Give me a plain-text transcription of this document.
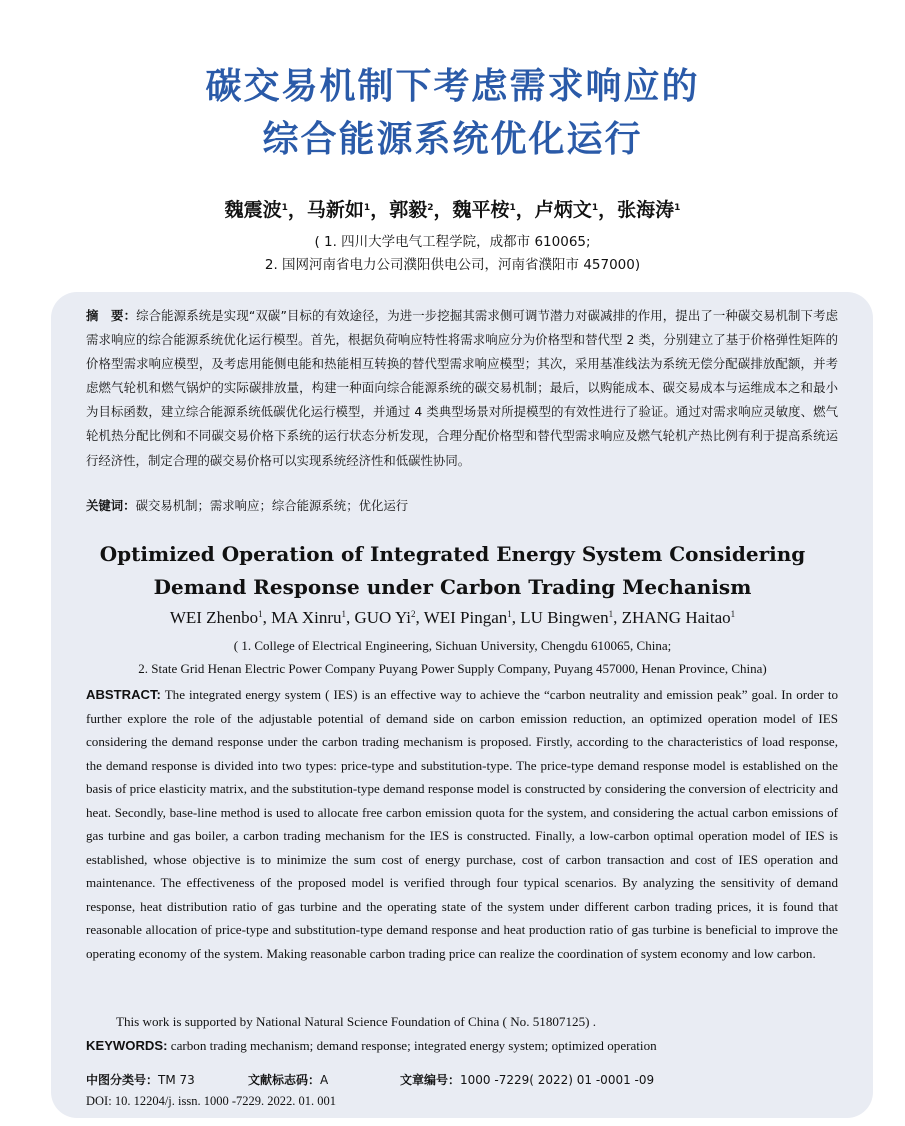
碳交易机制下考虑需求响应的
综合能源系统优化运行
魏震波$^1$，马新如$^1$，郭毅$^2$，魏平桉$^1$，卢炳文$^1$，张海涛$^1$
( 1. 四川大学电气工程学院，成都市 610065;
2. 国网河南省电力公司濮阳供电公司，河南省濮阳市 457000)
摘　要：综合能源系统是实现“双碳”目标的有效途径，为进一步挖掘其需求侧可调节潜力对碳减排的作用，提出了一种碳交易机制下考虑需求响应的综合能源系统优化运行模型。首先，根据负荷响应特性将需求响应分为价格型和替代型 2 类，分别建立了基于价格弹性矩阵的价格型需求响应模型，及考虑用能侧电能和热能相互转换的替代型需求响应模型；其次，采用基准线法为系统无偿分配碳排放配额，并考虑燃气轮机和燃气锅炉的实际碳排放量，构建一种面向综合能源系统的碳交易机制；最后，以购能成本、碳交易成本与运维成本之和最小为目标函数，建立综合能源系统低碳优化运行模型，并通过 4 类典型场景对所提模型的有效性进行了验证。通过对需求响应灵敏度、燃气轮机热分配比例和不同碳交易价格下系统的运行状态分析发现，合理分配价格型和替代型需求响应及燃气轮机产热比例有利于提高系统运行经济性，制定合理的碳交易价格可以实现系统经济性和低碳性协同。
关键词：碳交易机制；需求响应；综合能源系统；优化运行
Optimized Operation of Integrated Energy System Considering
Demand Response under Carbon Trading Mechanism
WEI Zhenbo$^1$, MA Xinru$^1$, GUO Yi$^2$, WEI Pingan$^1$, LU Bingwen$^1$, ZHANG Haitao$^1$
( 1. College of Electrical Engineering, Sichuan University, Chengdu 610065, China;
2. State Grid Henan Electric Power Company Puyang Power Supply Company, Puyang 457000, Henan Province, China)
ABSTRACT: The integrated energy system ( IES) is an effective way to achieve the “carbon neutrality and emission peak” goal. In order to further explore the role of the adjustable potential of demand side on carbon emission reduction, an optimized operation model of IES considering the demand response under the carbon trading mechanism is proposed. Firstly, according to the characteristics of load response, the demand response is divided into two types: price-type and substitution-type. The price-type demand response model is established on the basis of price elasticity matrix, and the substitution-type demand response model is constructed by considering the conversion of electricity and heat. Secondly, base-line method is used to allocate free carbon emission quota for the system, and considering the actual carbon emissions of gas turbine and gas boiler, a carbon trading mechanism for the IES is constructed. Finally, a low-carbon optimal operation model of IES is established, whose objective is to minimize the sum cost of energy purchase, cost of carbon transaction and cost of IES operation and maintenance. The effectiveness of the proposed model is verified through four typical scenarios. By analyzing the sensitivity of demand response, heat distribution ratio of gas turbine and the operating state of the system under different carbon trading prices, it is found that reasonable allocation of price-type and substitution-type demand response and heat production ratio of gas turbine is beneficial to improve the operating economy of the system. Making reasonable carbon trading price can realize the coordination of system economy and low carbon.
This work is supported by National Natural Science Foundation of China ( No. 51807125) .
KEYWORDS: carbon trading mechanism; demand response; integrated energy system; optimized operation
中图分类号：TM 73	文献标志码：A	文章编号：1000 -7229( 2022) 01 -0001 -09
DOI: 10. 12204/j. issn. 1000 -7229. 2022. 01. 001
